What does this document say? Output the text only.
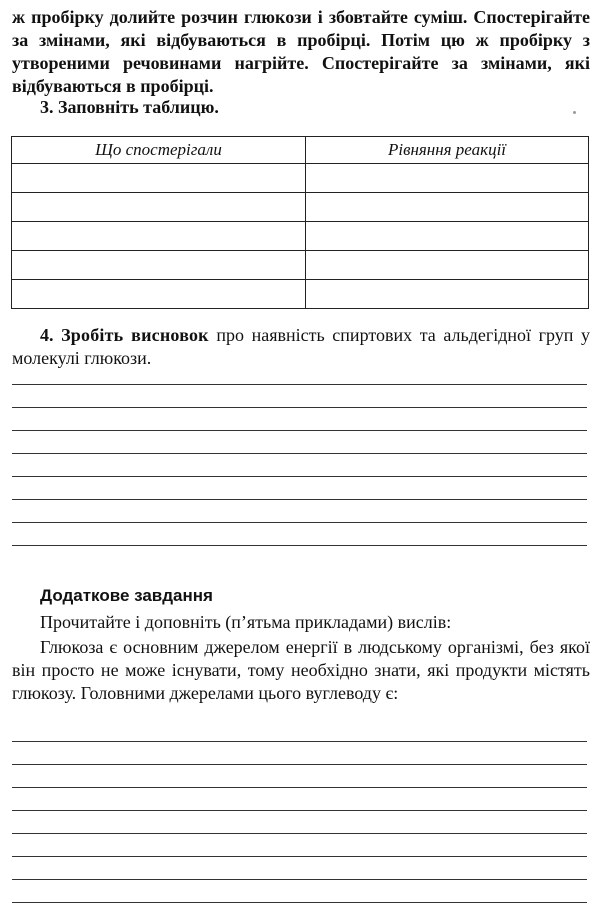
ж пробірку долийте розчин глюкози і збовтайте суміш. Спостерігайте за змінами, які відбуваються в пробірці. Потім цю ж пробірку з утвореними речовинами нагрійте. Спостерігайте за змінами, які відбуваються в пробірці.

3. Заповніть таблицю.

Що спостерігали	Рівняння реакції

4. Зробіть висновок про наявність спиртових та альдегідної груп у молекулі глюкози.

Додаткове завдання

Прочитайте і доповніть (п’ятьма прикладами) вислів:

Глюкоза є основним джерелом енергії в людському організмі, без якої він просто не може існувати, тому необхідно знати, які продукти містять глюкозу. Головними джерелами цього вуглеводу є:
